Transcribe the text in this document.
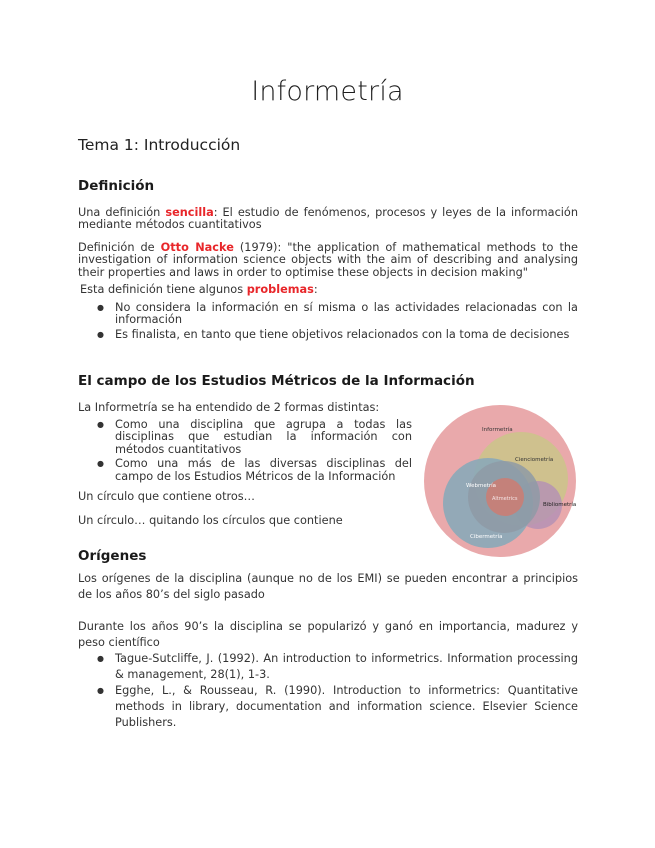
Informetría
Tema 1: Introducción
Definición
Una definición sencilla: El estudio de fenómenos, procesos y leyes de la información mediante métodos cuantitativos
Definición de Otto Nacke (1979): "the application of mathematical methods to the investigation of information science objects with the aim of describing and analysing their properties and laws in order to optimise these objects in decision making"
Esta definición tiene algunos problemas:
● No considera la información en sí misma o las actividades relacionadas con la información
● Es finalista, en tanto que tiene objetivos relacionados con la toma de decisiones
El campo de los Estudios Métricos de la Información
La Informetría se ha entendido de 2 formas distintas:
● Como una disciplina que agrupa a todas las disciplinas que estudian la información con métodos cuantitativos
● Como una más de las diversas disciplinas del campo de los Estudios Métricos de la Información
Un círculo que contiene otros…
Un círculo… quitando los círculos que contiene
Informetría
Cienciometría
Webmetría
Altmetrics
Bibliometría
Cibermetría
Orígenes
Los orígenes de la disciplina (aunque no de los EMI) se pueden encontrar a principios de los años 80’s del siglo pasado
Durante los años 90’s la disciplina se popularizó y ganó en importancia, madurez y peso científico
● Tague-Sutcliffe, J. (1992). An introduction to informetrics. Information processing & management, 28(1), 1-3.
● Egghe, L., & Rousseau, R. (1990). Introduction to informetrics: Quantitative methods in library, documentation and information science. Elsevier Science Publishers.
